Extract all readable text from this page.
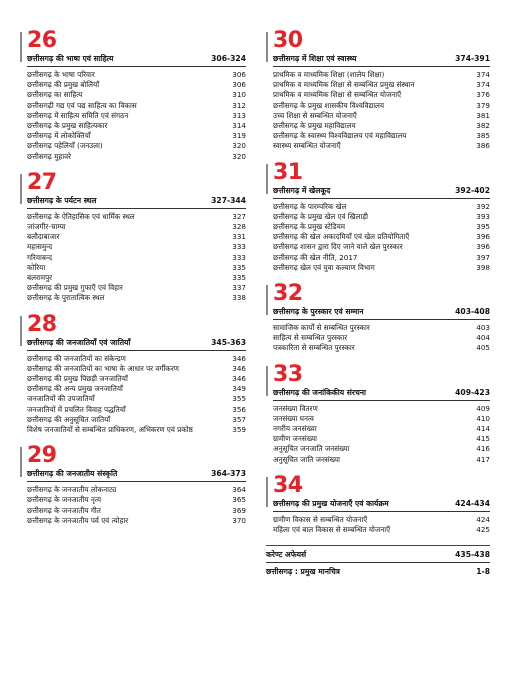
26
छत्तीसगढ़ की भाषा एवं साहित्य	306-324
छत्तीसगढ़ के भाषा परिवार	306
छत्तीसगढ़ की प्रमुख बोलियाँ	306
छत्तीसगढ़ का साहित्य	310
छत्तीसगढ़ी गद्य एवं पद्य साहित्य का विकास	312
छत्तीसगढ़ में साहित्य समिति एवं संगठन	313
छत्तीसगढ़ के प्रमुख साहित्यकार	314
छत्तीसगढ़ में लोकोक्तियाँ	319
छत्तीसगढ़ पहेलियाँ (जनउला)	320
छत्तीसगढ़ मुहावरे	320
27
छत्तीसगढ़ के पर्यटन स्थल	327-344
छत्तीसगढ़ के ऐतिहासिक एवं धार्मिक स्थल	327
जांजगीर-चाम्पा	328
बलौदाबाजार	331
महासमुन्द	333
गरियाबन्द	333
कोरिया	335
बलरामपुर	335
छत्तीसगढ़ की प्रमुख गुफाएँ एवं विहार	337
छत्तीसगढ़ के पुरातात्विक स्थल	338
28
छत्तीसगढ़ की जनजातियाँ एवं जातियाँ	345-363
छत्तीसगढ़ की जनजातियों का संकेन्द्रण	346
छत्तीसगढ़ की जनजातियों का भाषा के आधार पर वर्गीकरण	346
छत्तीसगढ़ की प्रमुख पिछड़ी जनजातियाँ	346
छत्तीसगढ़ की अन्य प्रमुख जनजातियाँ	349
जनजातियों की उपजातियाँ	355
जनजातियों में प्रचलित विवाह पद्धतियाँ	356
छत्तीसगढ़ की अनुसूचित जातियाँ	357
विशेष जनजातियों से सम्बन्धित प्राधिकरण, अभिकरण एवं प्रकोष्ठ	359
29
छत्तीसगढ़ की जनजातीय संस्कृति	364-373
छत्तीसगढ़ के जनजातीय लोकनाट्य	364
छत्तीसगढ़ के जनजातीय नृत्य	365
छत्तीसगढ़ के जनजातीय गीत	369
छत्तीसगढ़ के जनजातीय पर्व एवं त्योहार	370
30
छत्तीसगढ़ में शिक्षा एवं स्वास्थ्य	374-391
प्राथमिक व माध्यमिक शिक्षा (शालेय शिक्षा)	374
प्राथमिक व माध्यमिक शिक्षा से सम्बन्धित प्रमुख संस्थान	374
प्राथमिक व माध्यमिक शिक्षा से सम्बन्धित योजनाएँ	376
छत्तीसगढ़ के प्रमुख शासकीय विश्वविद्यालय	379
उच्च शिक्षा से सम्बन्धित योजनाएँ	381
छत्तीसगढ़ के प्रमुख महाविद्यालय	382
छत्तीसगढ़ के स्वास्थ्य विश्वविद्यालय एवं महाविद्यालय	385
स्वास्थ्य सम्बन्धित योजनाएँ	386
31
छत्तीसगढ़ में खेलकूद	392-402
छत्तीसगढ़ के पारम्परिक खेल	392
छत्तीसगढ़ के प्रमुख खेल एवं खिलाड़ी	393
छत्तीसगढ़ के प्रमुख स्टेडियम	395
छत्तीसगढ़ की खेल अकादमियाँ एवं खेल प्रतियोगिताएँ	396
छत्तीसगढ़ शासन द्वारा दिए जाने वाले खेल पुरस्कार	396
छत्तीसगढ़ की खेल नीति, 2017	397
छत्तीसगढ़ खेल एवं युवा कल्याण विभाग	398
32
छत्तीसगढ़ के पुरस्कार एवं सम्मान	403-408
सामाजिक कार्यों से सम्बन्धित पुरस्कार	403
साहित्य से सम्बन्धित पुरस्कार	404
पत्रकारिता से सम्बन्धित पुरस्कार	405
33
छत्तीसगढ़ की जनांकिकीय संरचना	409-423
जनसंख्या वितरण	409
जनसंख्या घनत्व	410
नगरीय जनसंख्या	414
ग्रामीण जनसंख्या	415
अनुसूचित जनजाति जनसंख्या	416
अनुसूचित जाति जनसंख्या	417
34
छत्तीसगढ़ की प्रमुख योजनाएँ एवं कार्यक्रम	424-434
ग्रामीण विकास से सम्बन्धित योजनाएँ	424
महिला एवं बाल विकास से सम्बन्धित योजनाएँ	425
करेण्ट अफेयर्स	435-438
छत्तीसगढ़ : प्रमुख मानचित्र	1-8
